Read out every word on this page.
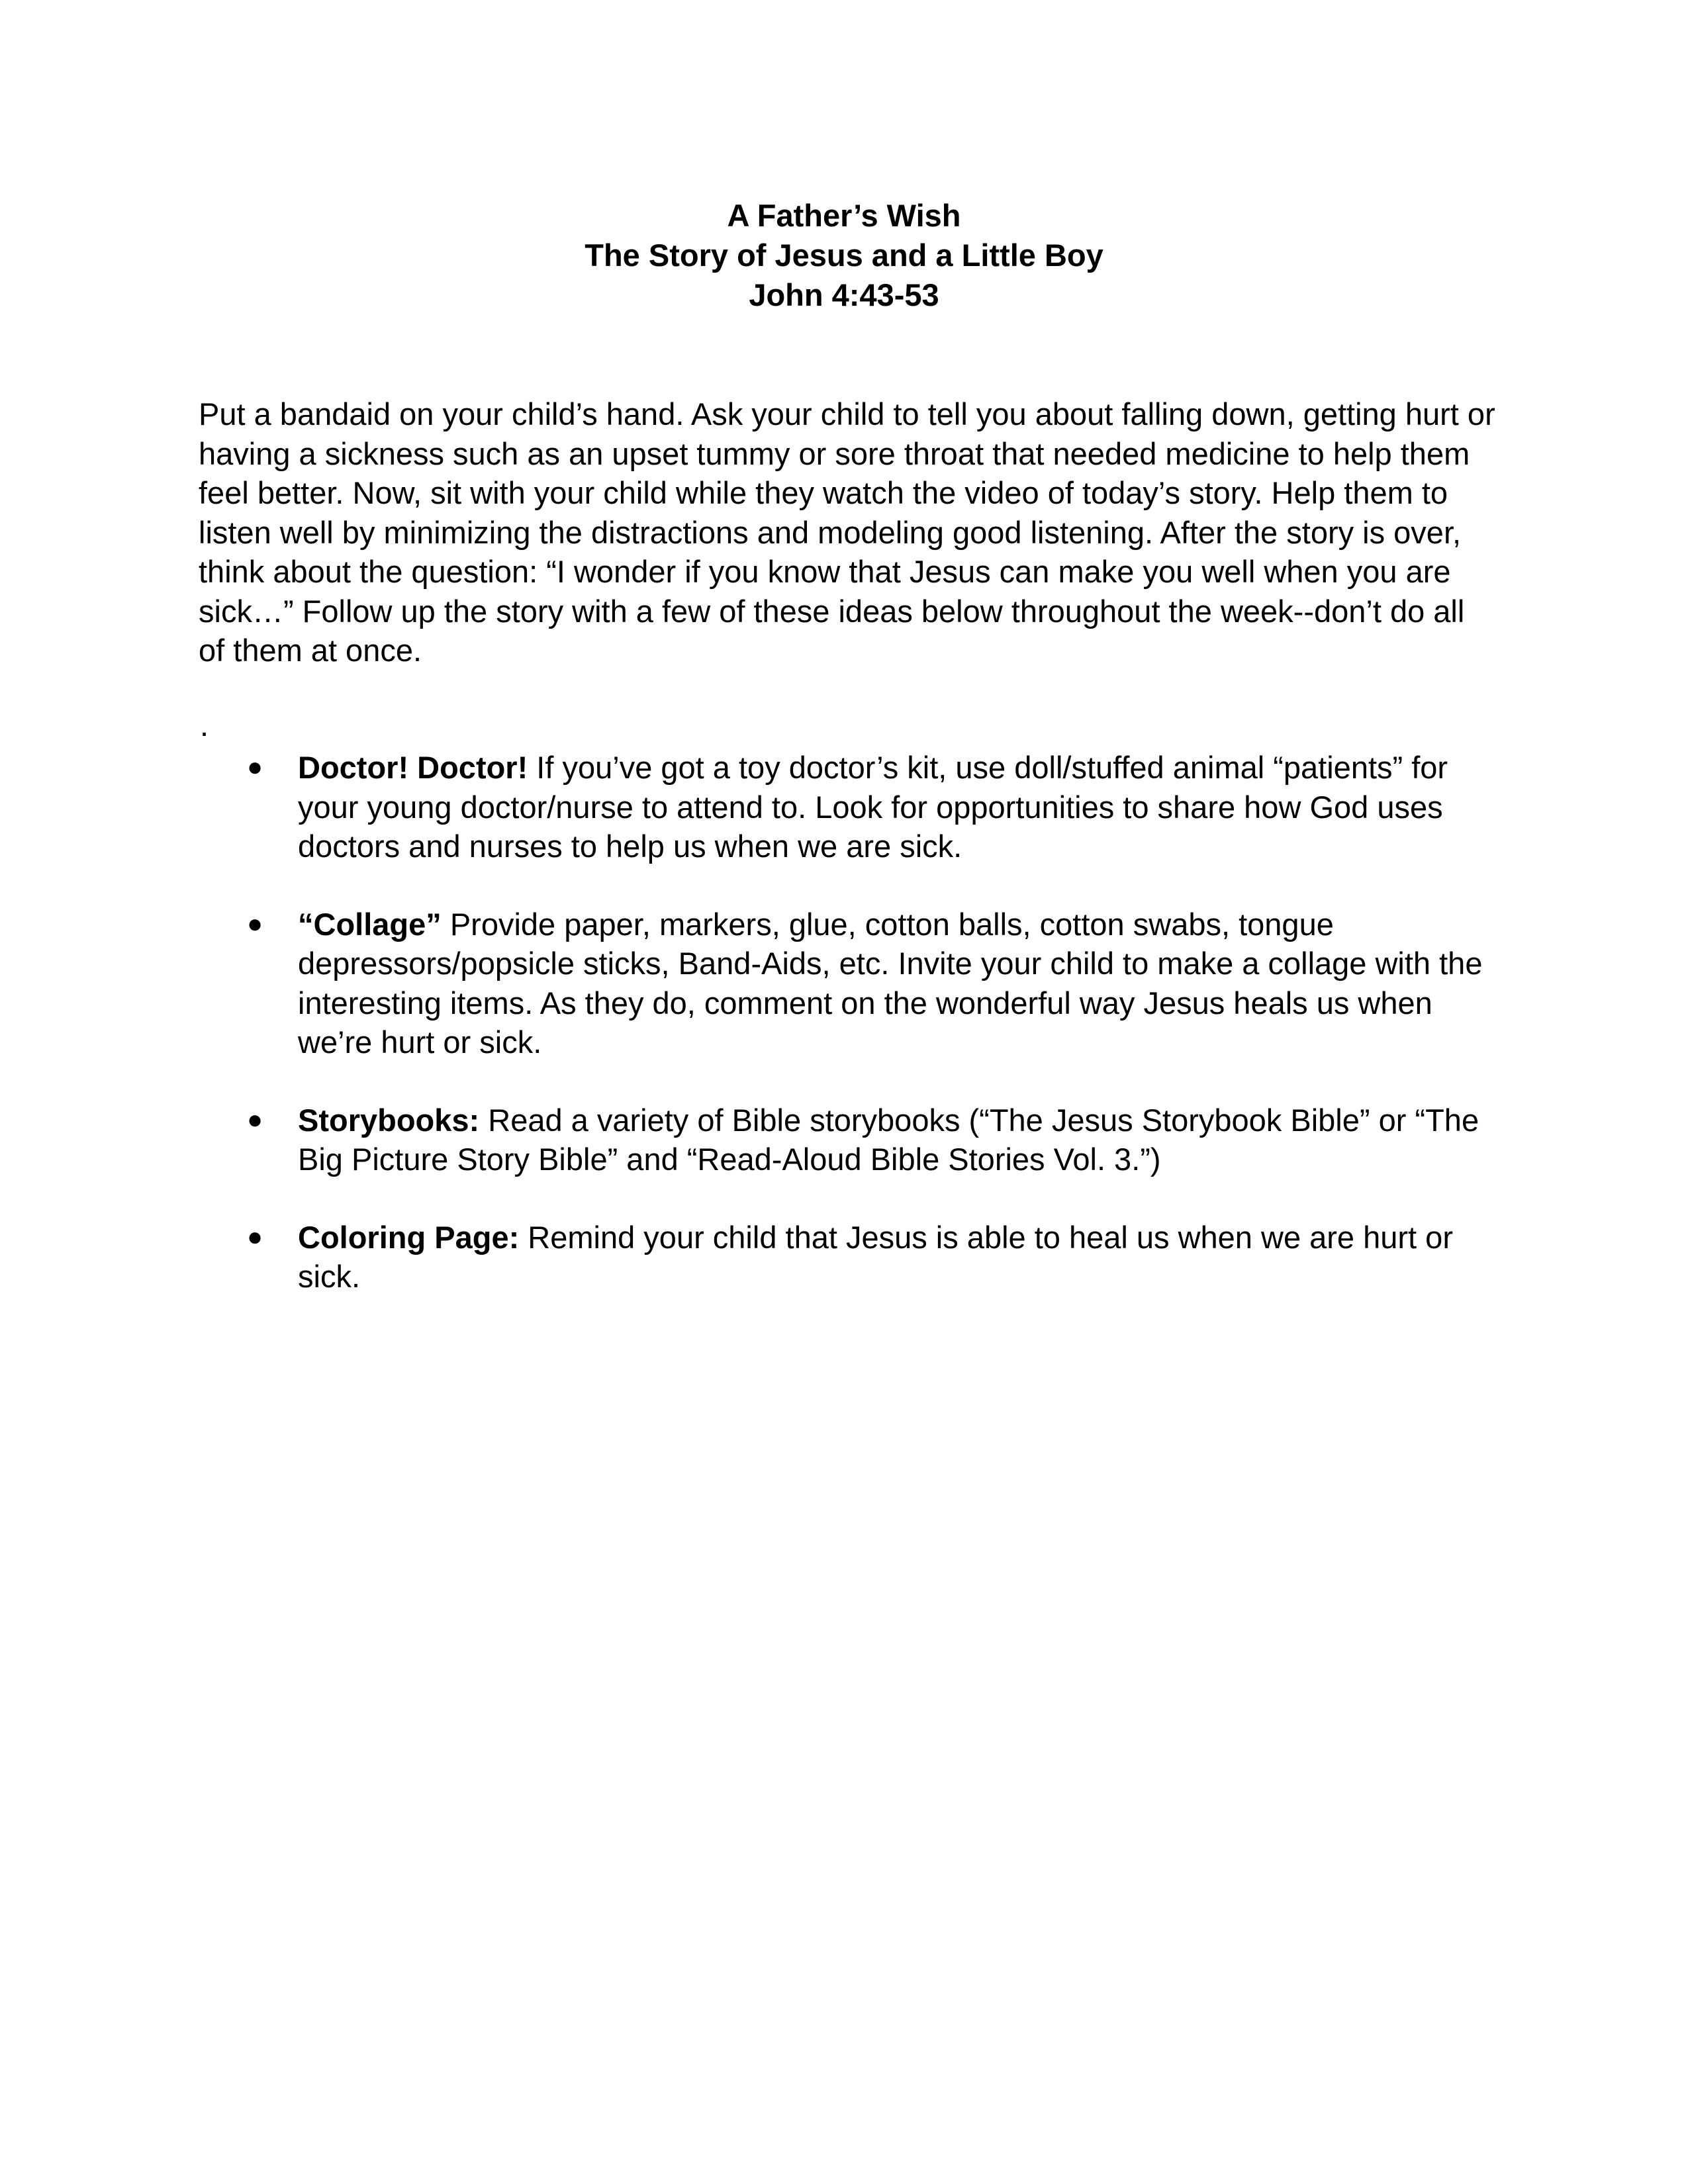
A Father’s Wish
The Story of Jesus and a Little Boy
John 4:43-53

Put a bandaid on your child’s hand. Ask your child to tell you about falling down, getting hurt or having a sickness such as an upset tummy or sore throat that needed medicine to help them feel better. Now, sit with your child while they watch the video of today’s story. Help them to listen well by minimizing the distractions and modeling good listening. After the story is over, think about the question: “I wonder if you know that Jesus can make you well when you are sick…” Follow up the story with a few of these ideas below throughout the week--don’t do all of them at once.

.
● Doctor! Doctor! If you’ve got a toy doctor’s kit, use doll/stuffed animal “patients” for your young doctor/nurse to attend to. Look for opportunities to share how God uses doctors and nurses to help us when we are sick.
● “Collage” Provide paper, markers, glue, cotton balls, cotton swabs, tongue depressors/popsicle sticks, Band-Aids, etc. Invite your child to make a collage with the interesting items. As they do, comment on the wonderful way Jesus heals us when we’re hurt or sick.
● Storybooks: Read a variety of Bible storybooks (“The Jesus Storybook Bible” or “The Big Picture Story Bible” and “Read-Aloud Bible Stories Vol. 3.”)
● Coloring Page: Remind your child that Jesus is able to heal us when we are hurt or sick.
